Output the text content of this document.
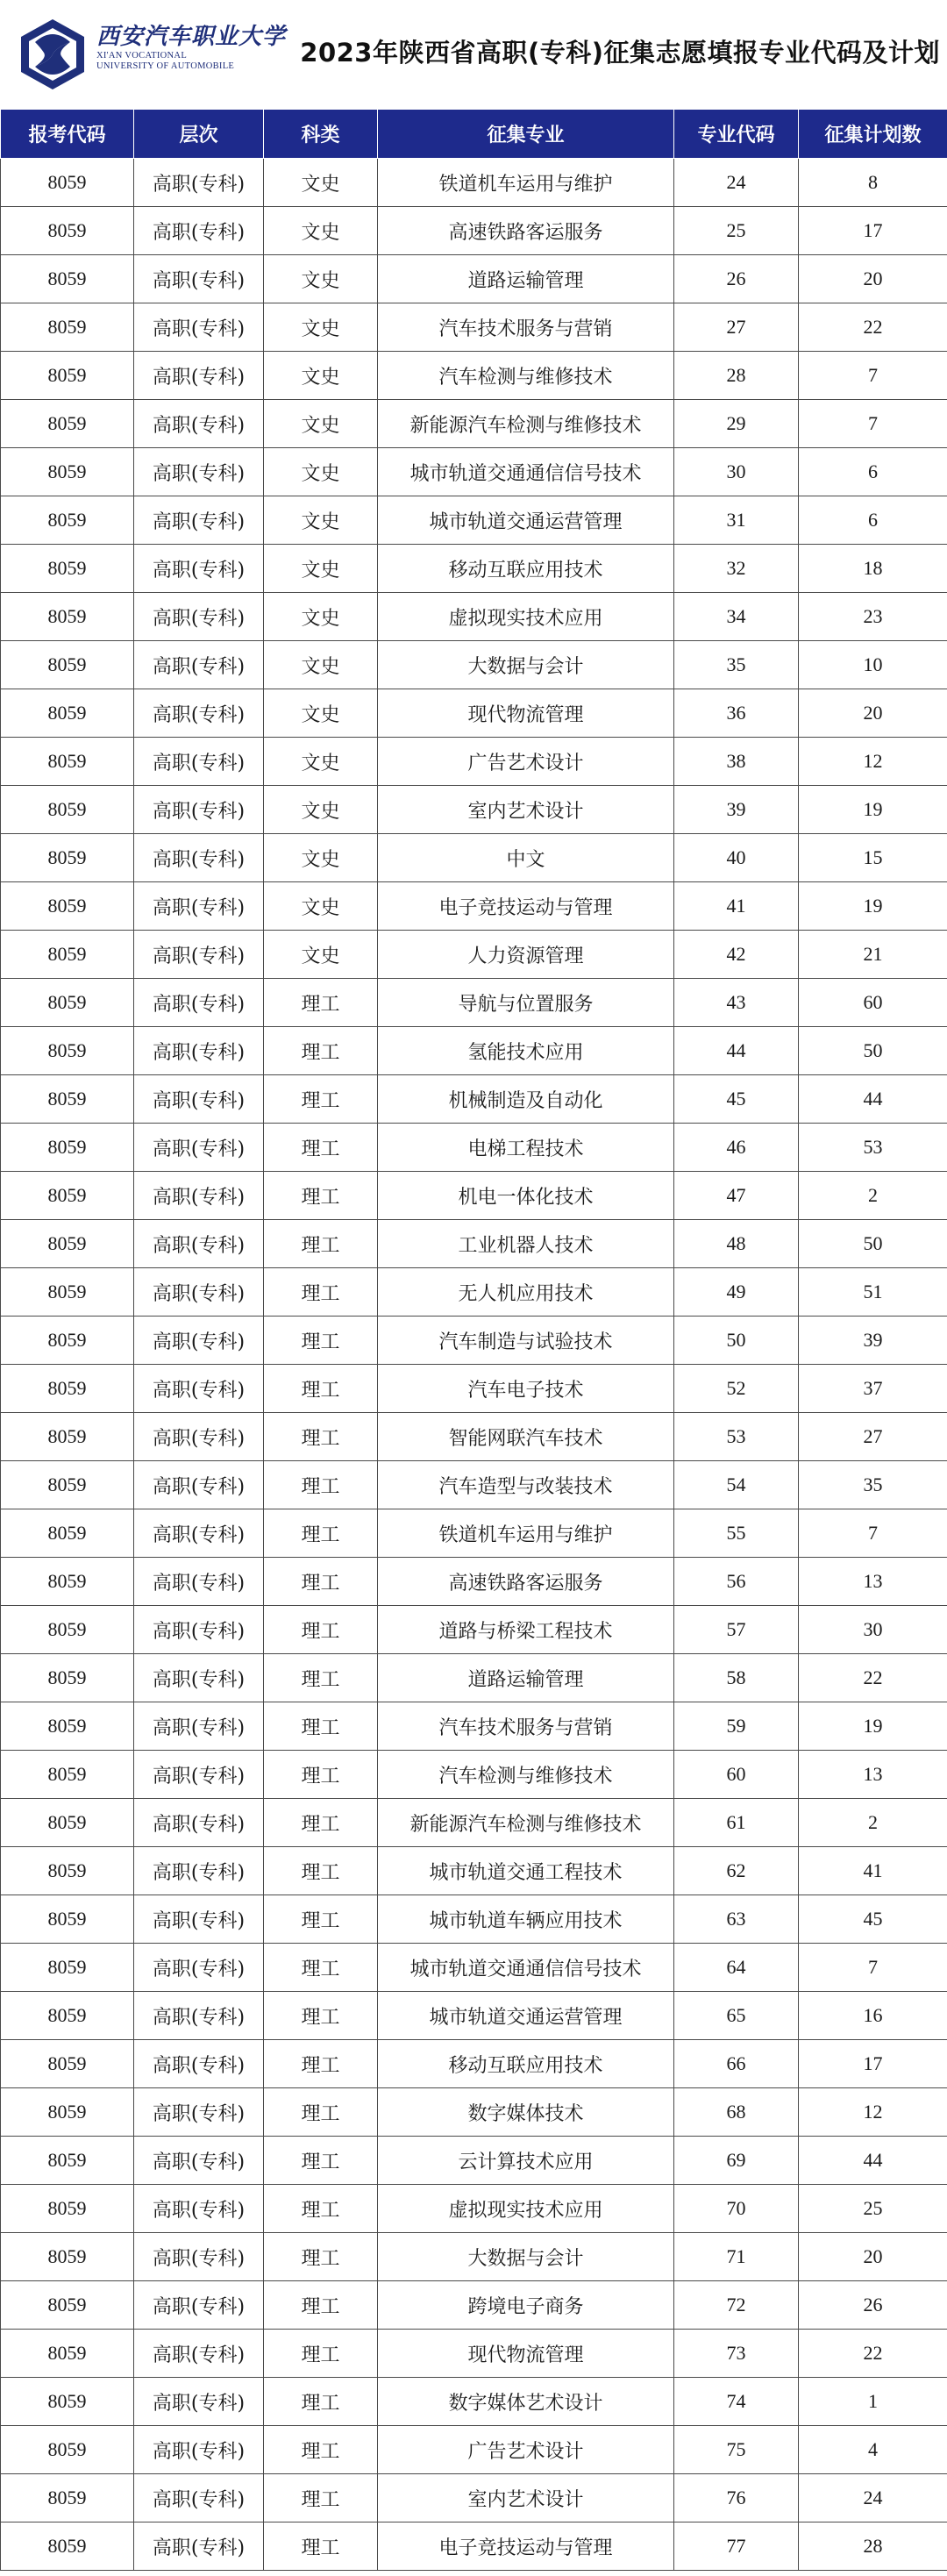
西安汽车职业大学
XI'AN VOCATIONAL
UNIVERSITY OF AUTOMOBILE	2023年陕西省高职(专科)征集志愿填报专业代码及计划
报考代码	层次	科类	征集专业	专业代码	征集计划数
8059	高职(专科)	文史	铁道机车运用与维护	24	8
8059	高职(专科)	文史	高速铁路客运服务	25	17
8059	高职(专科)	文史	道路运输管理	26	20
8059	高职(专科)	文史	汽车技术服务与营销	27	22
8059	高职(专科)	文史	汽车检测与维修技术	28	7
8059	高职(专科)	文史	新能源汽车检测与维修技术	29	7
8059	高职(专科)	文史	城市轨道交通通信信号技术	30	6
8059	高职(专科)	文史	城市轨道交通运营管理	31	6
8059	高职(专科)	文史	移动互联应用技术	32	18
8059	高职(专科)	文史	虚拟现实技术应用	34	23
8059	高职(专科)	文史	大数据与会计	35	10
8059	高职(专科)	文史	现代物流管理	36	20
8059	高职(专科)	文史	广告艺术设计	38	12
8059	高职(专科)	文史	室内艺术设计	39	19
8059	高职(专科)	文史	中文	40	15
8059	高职(专科)	文史	电子竞技运动与管理	41	19
8059	高职(专科)	文史	人力资源管理	42	21
8059	高职(专科)	理工	导航与位置服务	43	60
8059	高职(专科)	理工	氢能技术应用	44	50
8059	高职(专科)	理工	机械制造及自动化	45	44
8059	高职(专科)	理工	电梯工程技术	46	53
8059	高职(专科)	理工	机电一体化技术	47	2
8059	高职(专科)	理工	工业机器人技术	48	50
8059	高职(专科)	理工	无人机应用技术	49	51
8059	高职(专科)	理工	汽车制造与试验技术	50	39
8059	高职(专科)	理工	汽车电子技术	52	37
8059	高职(专科)	理工	智能网联汽车技术	53	27
8059	高职(专科)	理工	汽车造型与改装技术	54	35
8059	高职(专科)	理工	铁道机车运用与维护	55	7
8059	高职(专科)	理工	高速铁路客运服务	56	13
8059	高职(专科)	理工	道路与桥梁工程技术	57	30
8059	高职(专科)	理工	道路运输管理	58	22
8059	高职(专科)	理工	汽车技术服务与营销	59	19
8059	高职(专科)	理工	汽车检测与维修技术	60	13
8059	高职(专科)	理工	新能源汽车检测与维修技术	61	2
8059	高职(专科)	理工	城市轨道交通工程技术	62	41
8059	高职(专科)	理工	城市轨道车辆应用技术	63	45
8059	高职(专科)	理工	城市轨道交通通信信号技术	64	7
8059	高职(专科)	理工	城市轨道交通运营管理	65	16
8059	高职(专科)	理工	移动互联应用技术	66	17
8059	高职(专科)	理工	数字媒体技术	68	12
8059	高职(专科)	理工	云计算技术应用	69	44
8059	高职(专科)	理工	虚拟现实技术应用	70	25
8059	高职(专科)	理工	大数据与会计	71	20
8059	高职(专科)	理工	跨境电子商务	72	26
8059	高职(专科)	理工	现代物流管理	73	22
8059	高职(专科)	理工	数字媒体艺术设计	74	1
8059	高职(专科)	理工	广告艺术设计	75	4
8059	高职(专科)	理工	室内艺术设计	76	24
8059	高职(专科)	理工	电子竞技运动与管理	77	28
